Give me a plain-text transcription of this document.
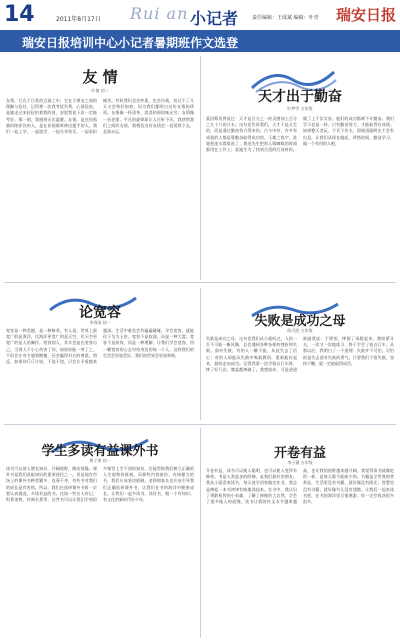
14	2011年8月17日 Rui an 小记者	责任编辑：王成斌 编辑：叶青 瑞安日报
瑞安日报培训中心小记者暑期班作文选登
友 情
叶倩 初二
友情，它在于日常的点滴之中。它在于朋友之间的理解与信任。记得那一次我考试失利，心情沮丧，是她走过来轻轻拍着我的肩，安慰我说下次一定能考好。那一刻，我感到无比温暖。友情，是在你孤独时陪伴你的人，是在你困难时伸出援手的人。我们一起上学，一起放学，一起分享快乐，一起承担痛苦。有时我们也会吵架，也会冷战，但过不了几天又会和好如初，因为我们都明白这份友情的珍贵。友情像一杯清茶，淡淡的却回味无穷；友情像一首老歌，平凡的旋律却让人百听不厌。我珍惜我们之间的友情，我相信这份友情会一直延续下去，直到永远。
天才出于勤奋
叶梦雪 五年级
爱因斯坦曾说过：天才是百分之一的灵感加上百分之九十九的汗水。这句话告诉我们，天才不是天生的，而是通过勤奋努力得来的。古今中外，许多有成就的人都是靠勤奋取得成功的。王羲之练字，洗笔把池水都染黑了；鲁迅先生把别人喝咖啡的时间都用在工作上；爱迪生为了找到合适的灯丝材料，做了上千次实验。他们的成功都离不开勤奋。我们学习也是一样，只有勤奋努力，才能取得好成绩。如果整天贪玩，不肯下功夫，即使再聪明也不会有出息。让我们从现在做起，珍惜时间，勤奋学习，做一个有用的人吧。
论宽容
李诗雨 初一
宽容是一种美德，是一种修养。有人说，世界上最宽广的是海洋，比海洋更宽广的是天空，比天空更宽广的是人的胸怀。宽容别人，其实也是在宽容自己。当别人不小心伤害了你，如果你能一笑了之，不但会让对方感到惭愧，还会赢得对方的尊重。相反，如果你斤斤计较，不依不饶，只会让矛盾越来越深。生活中难免会有磕磕碰碰，学会宽容，就能化干戈为玉帛。宽容不是软弱，而是一种大度；宽容不是纵容，而是一种理解。让我们学会宽容，用一颗宽容的心去对待身边的每一个人，这样我们的生活会更加美好，我们的世界会更加和谐。
失败是成功之母
陈可欣 五年级
失败是成功之母，这句话我们从小就听过。人的一生不可能一帆风顺，总会遇到各种各样的挫折和失败。面对失败，有的人一蹶不振，从此失去了信心；有的人却能从失败中吸取教训，重新振作起来，最终走向成功。记得我第一次学骑自行车时，摔了好几次，膝盖都摔破了。我想放弃，可是爸爸鼓励我说：不要怕，摔倒了再爬起来。我咬紧牙关，一次又一次地练习，终于学会了骑自行车。从那以后，我明白了一个道理：失败并不可怕，可怕的是失去面对失败的勇气。只要我们不怕失败，坚持不懈，就一定能取得成功。
学生多读有益课外书
黄子豪 初一
读书可以使人增长知识，开阔视野，陶冶情操。课外书是我们获取知识的重要途径之一。但是现在市场上的课外书种类繁多，良莠不齐，有些书对我们的成长是有害的。所以，我们在选择课外书时一定要认真挑选，多读有益的书。比如一些名人传记、科普读物、经典名著等，这些书可以让我们学到很多课堂上学不到的知识，还能帮助我们树立正确的人生观和价值观。而那些内容低俗、宣扬暴力的书，我们应该坚决抵制。老师和家长也应该引导我们正确选择课外书，让我们在书的海洋中健康成长。让我们一起多读书、读好书，做一个有知识、有文化的新时代好少年。
开卷有益
李子涵 五年级
开卷有益，读书可以使人聪明，也可以使人变得有修养。书是人类进步的阶梯，是我们最好的朋友。我从小就喜欢读书，每天放学回家做完作业，我总是捧起一本书津津有味地读起来。在书中，我认识了勇敢机智的小英雄，了解了神秘的大自然，学会了很多做人的道理。读书让我的作文水平越来越高，也让我的视野越来越开阔。我觉得读书就像吃饭一样，是每天都不能缺少的。书籍是全世界的营养品，生活里没有书籍，就好像没有阳光；智慧里没有书籍，就好像鸟儿没有翅膀。让我们一起来读书吧，在书的海洋里尽情遨游，你一定会收获很多很多。
